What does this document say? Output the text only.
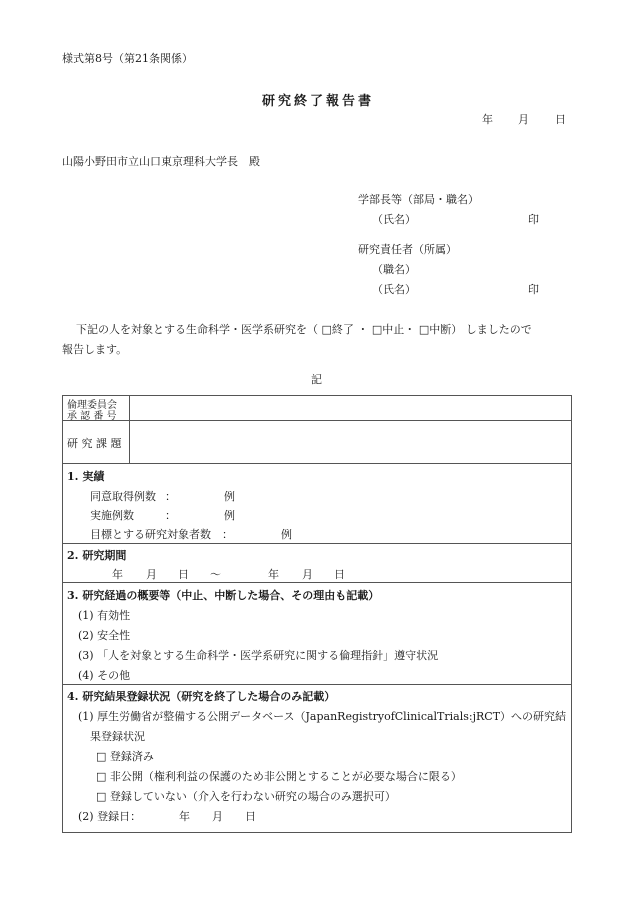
様式第8号（第21条関係）
研究終了報告書
年 月 日
山陽小野田市立山口東京理科大学長　殿
学部長等（部局・職名）
（氏名）	印
研究責任者（所属）
（職名）
（氏名）	印
下記の人を対象とする生命科学・医学系研究を（ □終了 ・ □中止・ □中断） しましたので
報告します。
記
倫理委員会
承 認 番 号
研 究 課 題
1. 実績
同意取得例数 ：	例
実施例数	：	例
目標とする研究対象者数 ：	例
2. 研究期間
年 月 日 ～	年 月 日
3. 研究経過の概要等（中止、中断した場合、その理由も記載）
(1) 有効性
(2) 安全性
(3) 「人を対象とする生命科学・医学系研究に関する倫理指針」遵守状況
(4) その他
4. 研究結果登録状況（研究を終了した場合のみ記載）
(1) 厚生労働省が整備する公開データベース（JapanRegistryofClinicalTrials:jRCT）への研究結
果登録状況
□ 登録済み
□ 非公開（権利利益の保護のため非公開とすることが必要な場合に限る）
□ 登録していない（介入を行わない研究の場合のみ選択可）
(2) 登録日：	年 月 日
